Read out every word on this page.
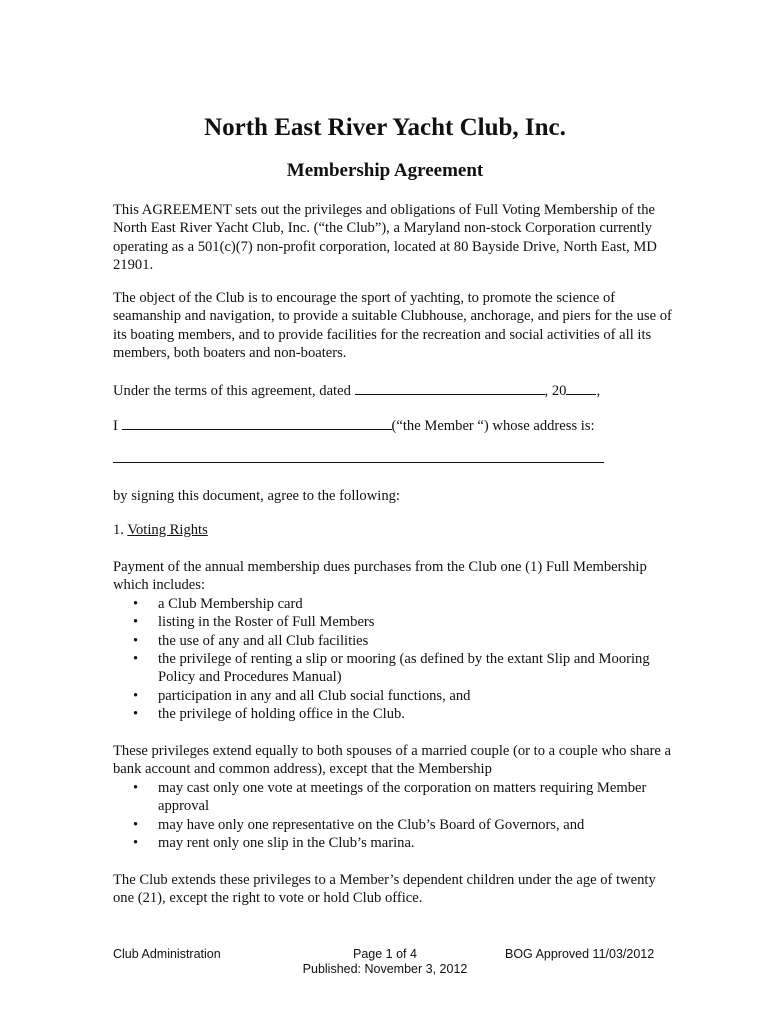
North East River Yacht Club, Inc.
Membership Agreement

This AGREEMENT sets out the privileges and obligations of Full Voting Membership of the North East River Yacht Club, Inc. (“the Club”), a Maryland non-stock Corporation currently operating as a 501(c)(7) non-profit corporation, located at 80 Bayside Drive, North East, MD 21901.

The object of the Club is to encourage the sport of yachting, to promote the science of seamanship and navigation, to provide a suitable Clubhouse, anchorage, and piers for the use of its boating members, and to provide facilities for the recreation and social activities of all its members, both boaters and non-boaters.

Under the terms of this agreement, dated	, 20 ,
I	(“the Member “) whose address is:

by signing this document, agree to the following:

1. Voting Rights

Payment of the annual membership dues purchases from the Club one (1) Full Membership which includes:

• a Club Membership card
• listing in the Roster of Full Members
• the use of any and all Club facilities
• the privilege of renting a slip or mooring (as defined by the extant Slip and Mooring Policy and Procedures Manual)
• participation in any and all Club social functions, and
• the privilege of holding office in the Club.

These privileges extend equally to both spouses of a married couple (or to a couple who share a bank account and common address), except that the Membership

• may cast only one vote at meetings of the corporation on matters requiring Member approval
• may have only one representative on the Club’s Board of Governors, and
• may rent only one slip in the Club’s marina.

The Club extends these privileges to a Member’s dependent children under the age of twenty one (21), except the right to vote or hold Club office.

Club Administration	Page 1 of 4
Published: November 3, 2012
BOG Approved 11/03/2012
